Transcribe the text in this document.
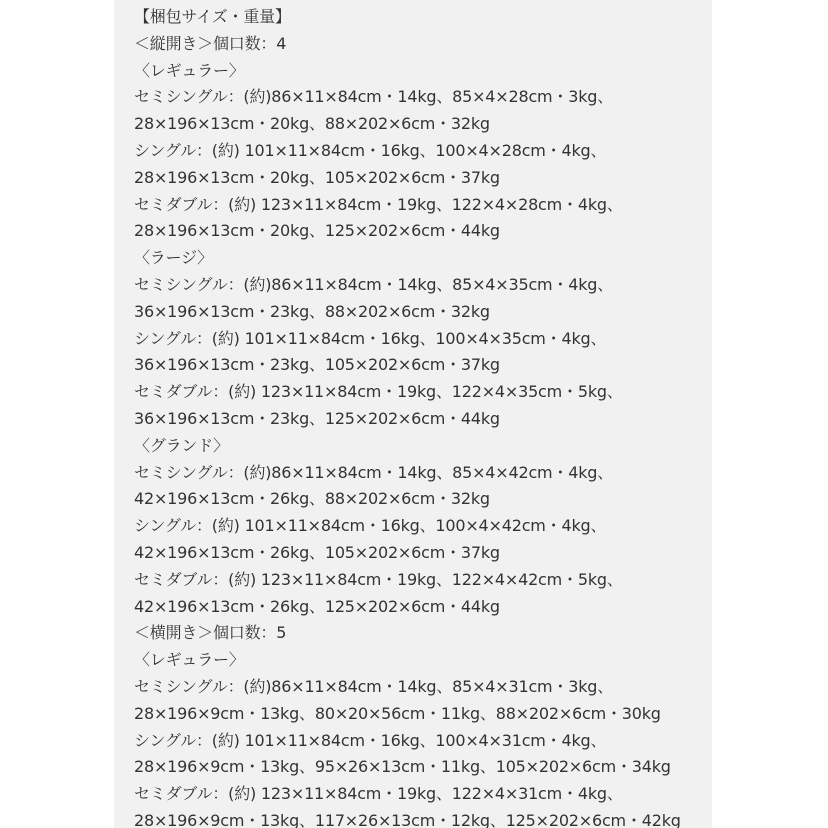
【梱包サイズ・重量】
＜縦開き＞個口数：4
〈レギュラー〉
セミシングル：(約)86×11×84cm・14kg、85×4×28cm・3kg、
28×196×13cm・20kg、88×202×6cm・32kg
シングル：(約) 101×11×84cm・16kg、100×4×28cm・4kg、
28×196×13cm・20kg、105×202×6cm・37kg
セミダブル：(約) 123×11×84cm・19kg、122×4×28cm・4kg、
28×196×13cm・20kg、125×202×6cm・44kg
〈ラージ〉
セミシングル：(約)86×11×84cm・14kg、85×4×35cm・4kg、
36×196×13cm・23kg、88×202×6cm・32kg
シングル：(約) 101×11×84cm・16kg、100×4×35cm・4kg、
36×196×13cm・23kg、105×202×6cm・37kg
セミダブル：(約) 123×11×84cm・19kg、122×4×35cm・5kg、
36×196×13cm・23kg、125×202×6cm・44kg
〈グランド〉
セミシングル：(約)86×11×84cm・14kg、85×4×42cm・4kg、
42×196×13cm・26kg、88×202×6cm・32kg
シングル：(約) 101×11×84cm・16kg、100×4×42cm・4kg、
42×196×13cm・26kg、105×202×6cm・37kg
セミダブル：(約) 123×11×84cm・19kg、122×4×42cm・5kg、
42×196×13cm・26kg、125×202×6cm・44kg
＜横開き＞個口数：5
〈レギュラー〉
セミシングル：(約)86×11×84cm・14kg、85×4×31cm・3kg、
28×196×9cm・13kg、80×20×56cm・11kg、88×202×6cm・30kg
シングル：(約) 101×11×84cm・16kg、100×4×31cm・4kg、
28×196×9cm・13kg、95×26×13cm・11kg、105×202×6cm・34kg
セミダブル：(約) 123×11×84cm・19kg、122×4×31cm・4kg、
28×196×9cm・13kg、117×26×13cm・12kg、125×202×6cm・42kg
